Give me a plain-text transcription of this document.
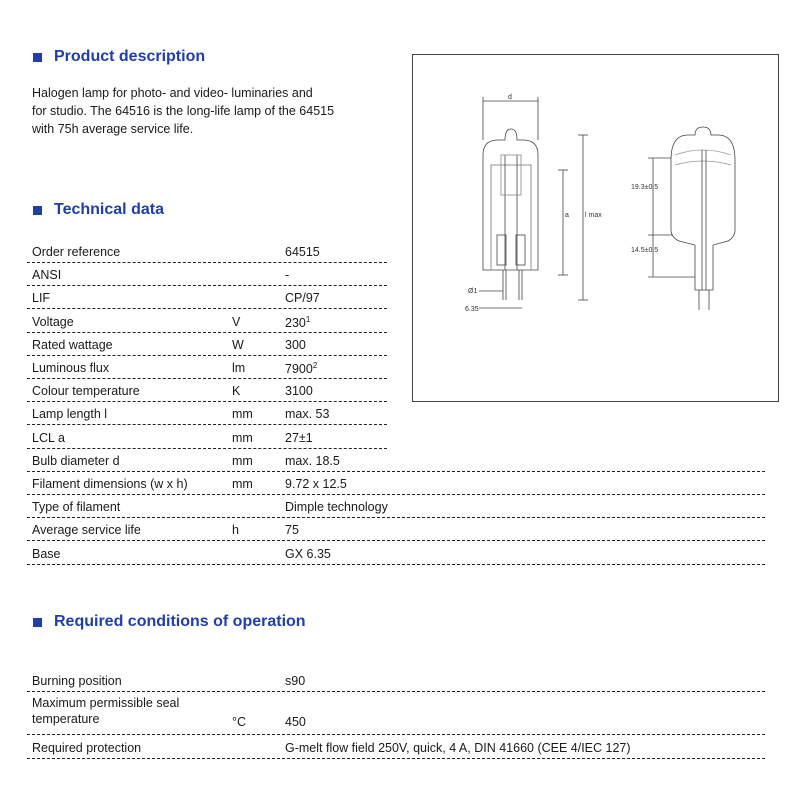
Product description
Halogen lamp for photo- and video- luminaries and
for studio. The 64516 is the long-life lamp of the 64515
with 75h average service life.
Technical data
Order reference	64515
ANSI	-
LIF	CP/97
Voltage	V	$230^1$
Rated wattage	W	300
Luminous flux	lm	7900$^2$
Colour temperature	K	3100
Lamp length l	mm	max. 53
LCL a	mm	27±1
Bulb diameter d	mm	max. 18.5
Filament dimensions (w x h)	mm	9.72 x 12.5
Type of filament	Dimple technology
Average service life	h	75
Base	GX 6.35
Required conditions of operation
Burning position	s90
Maximum permissible seal temperature	°C	450
Required protection	G-melt flow field 250V, quick, 4 A, DIN 41660 (CEE 4/IEC 127)
d
a l max
Ø1
6.35
19.3±0.5
14.5±0.5
